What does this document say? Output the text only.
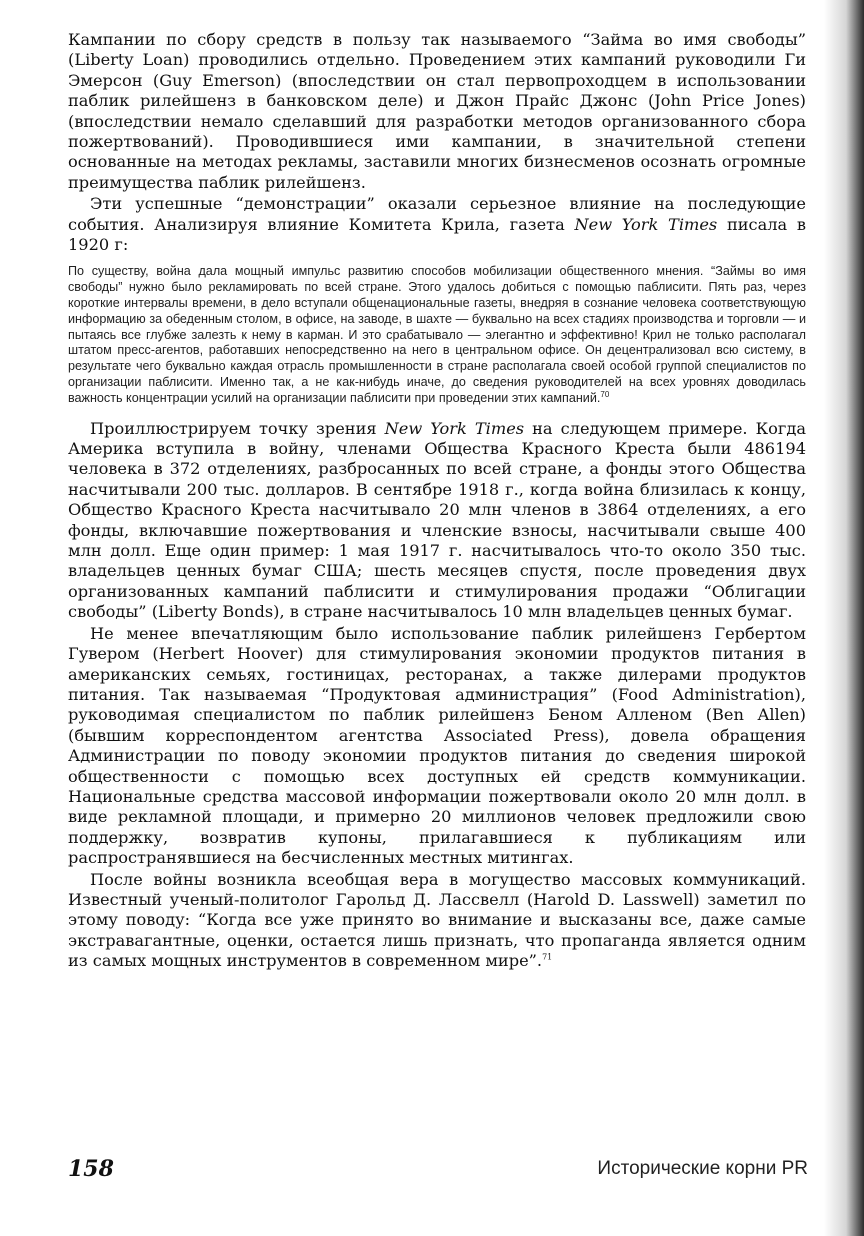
Кампании по сбору средств в пользу так называемого “Займа во имя свободы” (Liberty Loan) проводились отдельно. Проведением этих кампаний руководили Ги Эмерсон (Guy Emerson) (впоследствии он стал первопроходцем в использовании паблик рилейшенз в банковском деле) и Джон Прайс Джонс (John Price Jones) (впоследствии немало сделавший для разработки методов организованного сбора пожертвований). Проводившиеся ими кампании, в значительной степени основанные на методах рекламы, заставили многих бизнесменов осознать огромные преимущества паблик рилейшенз.

Эти успешные “демонстрации” оказали серьезное влияние на последующие события. Анализируя влияние Комитета Крила, газета New York Times писала в 1920 г:

По существу, война дала мощный импульс развитию способов мобилизации общественного мнения. “Займы во имя свободы” нужно было рекламировать по всей стране. Этого удалось добиться с помощью паблисити. Пять раз, через короткие интервалы времени, в дело вступали общенациональные газеты, внедряя в сознание человека соответствующую информацию за обеденным столом, в офисе, на заводе, в шахте — буквально на всех стадиях производства и торговли — и пытаясь все глубже залезть к нему в карман. И это срабатывало — элегантно и эффективно! Крил не только располагал штатом пресс-агентов, работавших непосредственно на него в центральном офисе. Он децентрализовал всю систему, в результате чего буквально каждая отрасль промышленности в стране располагала своей особой группой специалистов по организации паблисити. Именно так, а не как-нибудь иначе, до сведения руководителей на всех уровнях доводилась важность концентрации усилий на организации паблисити при проведении этих кампаний.$^{70}$

Проиллюстрируем точку зрения New York Times на следующем примере. Когда Америка вступила в войну, членами Общества Красного Креста были 486194 человека в 372 отделениях, разбросанных по всей стране, а фонды этого Общества насчитывали 200 тыс. долларов. В сентябре 1918 г., когда война близилась к концу, Общество Красного Креста насчитывало 20 млн членов в 3864 отделениях, а его фонды, включавшие пожертвования и членские взносы, насчитывали свыше 400 млн долл. Еще один пример: 1 мая 1917 г. насчитывалось что-то около 350 тыс. владельцев ценных бумаг США; шесть месяцев спустя, после проведения двух организованных кампаний паблисити и стимулирования продажи “Облигации свободы” (Liberty Bonds), в стране насчитывалось 10 млн владельцев ценных бумаг.

Не менее впечатляющим было использование паблик рилейшенз Гербертом Гувером (Herbert Hoover) для стимулирования экономии продуктов питания в американских семьях, гостиницах, ресторанах, а также дилерами продуктов питания. Так называемая “Продуктовая администрация” (Food Administration), руководимая специалистом по паблик рилейшенз Беном Алленом (Ben Allen) (бывшим корреспондентом агентства Associated Press), довела обращения Администрации по поводу экономии продуктов питания до сведения широкой общественности с помощью всех доступных ей средств коммуникации. Национальные средства массовой информации пожертвовали около 20 млн долл. в виде рекламной площади, и примерно 20 миллионов человек предложили свою поддержку, возвратив купоны, прилагавшиеся к публикациям или распространявшиеся на бесчисленных местных митингах.

После войны возникла всеобщая вера в могущество массовых коммуникаций. Известный ученый-политолог Гарольд Д. Лассвелл (Harold D. Lasswell) заметил по этому поводу: “Когда все уже принято во внимание и высказаны все, даже самые экстравагантные, оценки, остается лишь признать, что пропаганда является одним из самых мощных инструментов в современном мире”.$^{71}$

158	Исторические корни PR
